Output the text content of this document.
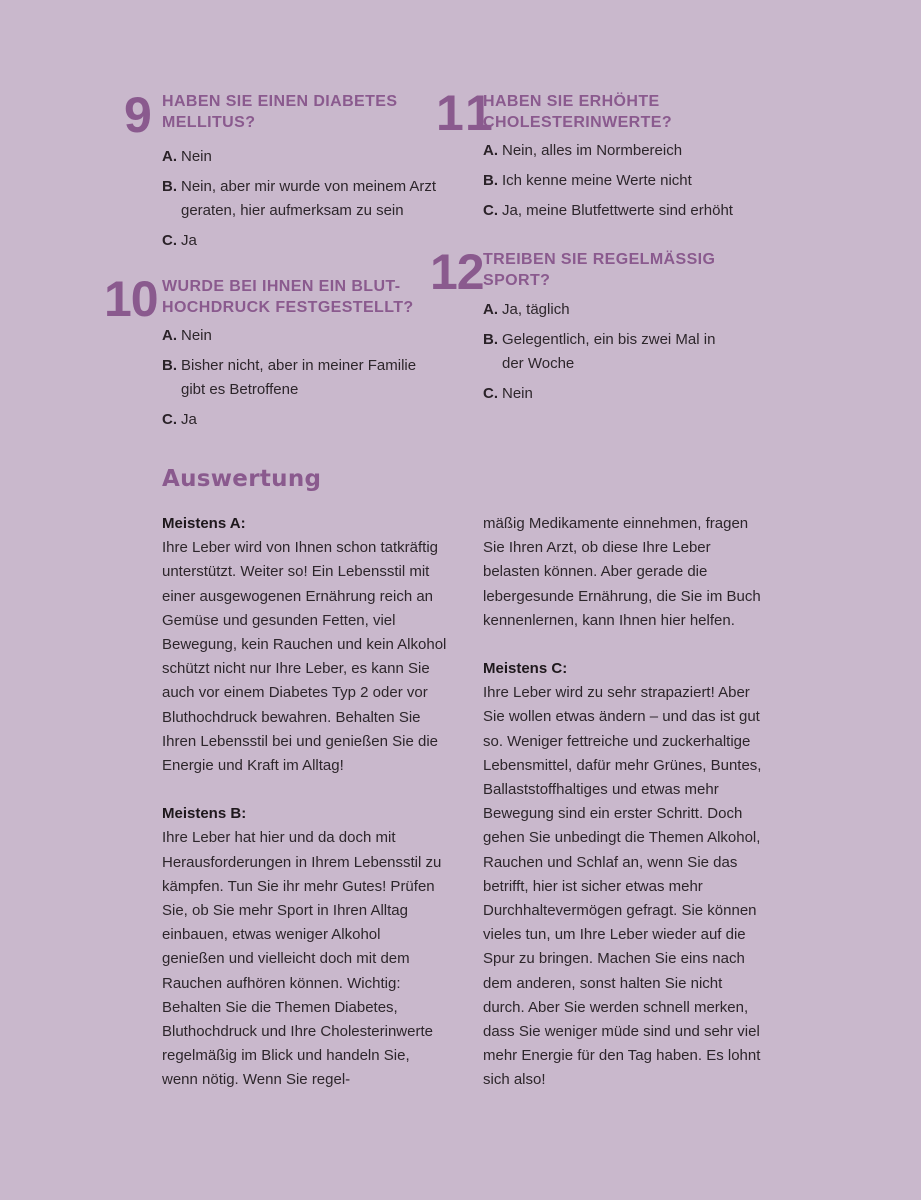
9 HABEN SIE EINEN DIABETES
MELLITUS?
A. Nein
B. Nein, aber mir wurde von meinem Arzt geraten, hier aufmerksam zu sein
C. Ja
10 WURDE BEI IHNEN EIN BLUT-
HOCHDRUCK FESTGESTELLT?
A. Nein
B. Bisher nicht, aber in meiner Familie gibt es Betroffene
C. Ja
11
HABEN SIE ERHÖHTE
CHOLESTERINWERTE?
A. Nein, alles im Normbereich
B. Ich kenne meine Werte nicht
C. Ja, meine Blutfettwerte sind erhöht
12 TREIBEN SIE REGELMÄSSIG
SPORT?
A. Ja, täglich
B. Gelegentlich, ein bis zwei Mal in der Woche
C. Nein
Auswertung

Meistens A:

Ihre Leber wird von Ihnen schon tatkräftig unterstützt. Weiter so! Ein Lebensstil mit einer ausgewogenen Ernährung reich an Gemüse und gesunden Fetten, viel Bewegung, kein Rauchen und kein Alkohol schützt nicht nur Ihre Leber, es kann Sie auch vor einem Diabetes Typ 2 oder vor Bluthochdruck bewahren. Behalten Sie Ihren Lebensstil bei und genießen Sie die Energie und Kraft im Alltag!

Meistens B:

Ihre Leber hat hier und da doch mit Herausforderungen in Ihrem Lebensstil zu kämpfen. Tun Sie ihr mehr Gutes! Prüfen Sie, ob Sie mehr Sport in Ihren Alltag einbauen, etwas weniger Alkohol genießen und vielleicht doch mit dem Rauchen aufhören können. Wichtig: Behalten Sie die Themen Diabetes, Bluthochdruck und Ihre Cholesterinwerte regelmäßig im Blick und handeln Sie, wenn nötig. Wenn Sie regel-

mäßig Medikamente einnehmen, fragen Sie Ihren Arzt, ob diese Ihre Leber belasten können. Aber gerade die lebergesunde Ernährung, die Sie im Buch kennenlernen, kann Ihnen hier helfen.

Meistens C:

Ihre Leber wird zu sehr strapaziert! Aber Sie wollen etwas ändern – und das ist gut so. Weniger fettreiche und zuckerhaltige Lebensmittel, dafür mehr Grünes, Buntes, Ballaststoffhaltiges und etwas mehr Bewegung sind ein erster Schritt. Doch gehen Sie unbedingt die Themen Alkohol, Rauchen und Schlaf an, wenn Sie das betrifft, hier ist sicher etwas mehr Durchhaltevermögen gefragt. Sie können vieles tun, um Ihre Leber wieder auf die Spur zu bringen. Machen Sie eins nach dem anderen, sonst halten Sie nicht durch. Aber Sie werden schnell merken, dass Sie weniger müde sind und sehr viel mehr Energie für den Tag haben. Es lohnt sich also!
